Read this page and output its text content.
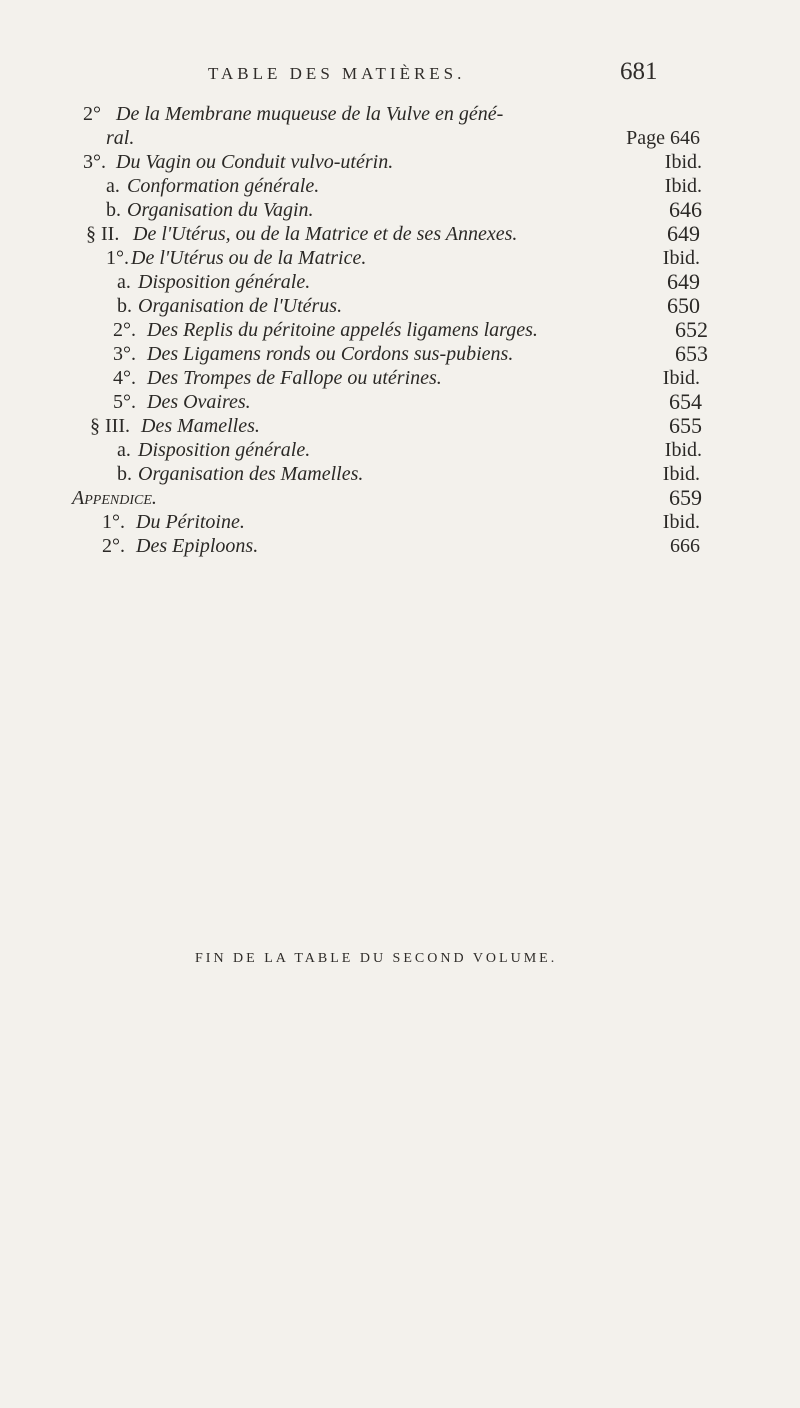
TABLE DES MATIÈRES.	681
2° De la Membrane muqueuse de la Vulve en géné-
ral.	Page 646
3°. Du Vagin ou Conduit vulvo-utérin.	Ibid.
a. Conformation générale.	Ibid.
b. Organisation du Vagin.	646
§ II. De l'Utérus, ou de la Matrice et de ses Annexes.	649
1°. De l'Utérus ou de la Matrice.	Ibid.
a. Disposition générale.	649
b. Organisation de l'Utérus.	650
2°. Des Replis du péritoine appelés ligamens larges.	652
3°. Des Ligamens ronds ou Cordons sus-pubiens.	653
4°. Des Trompes de Fallope ou utérines.	Ibid.
5°. Des Ovaires.	654
§ III. Des Mamelles.	655
a. Disposition générale.	Ibid.
b. Organisation des Mamelles.	Ibid.
Appendice.	659
1°. Du Péritoine.	Ibid.
2°. Des Epiploons.	666
FIN DE LA TABLE DU SECOND VOLUME.
